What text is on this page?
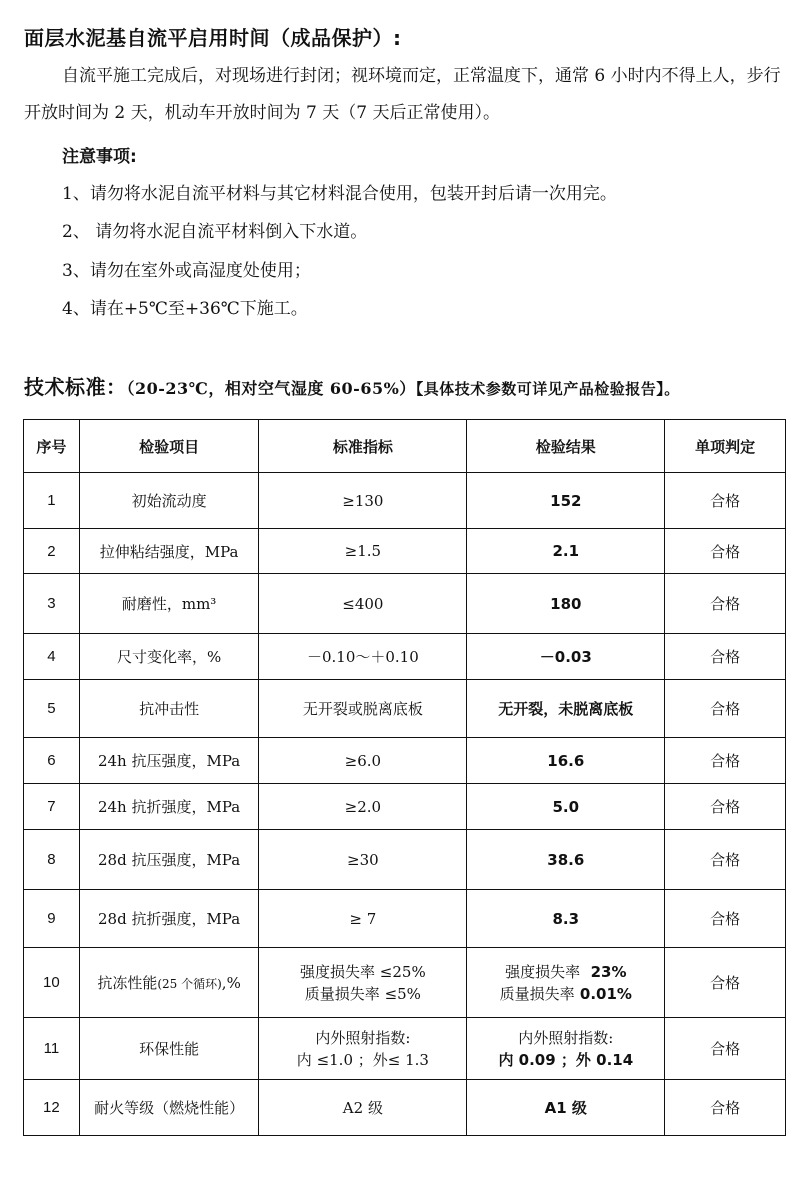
面层水泥基自流平启用时间（成品保护）:

自流平施工完成后，对现场进行封闭；视环境而定，正常温度下，通常 6 小时内不得上人，步行开放时间为 2 天，机动车开放时间为 7 天（7 天后正常使用）。

注意事项:
1、请勿将水泥自流平材料与其它材料混合使用，包装开封后请一次用完。
2、 请勿将水泥自流平材料倒入下水道。
3、请勿在室外或高湿度处使用；
4、请在+5℃至+36℃下施工。
技术标准：（20-23℃，相对空气湿度 60-65%）【具体技术参数可详见产品检验报告】。
序号	检验项目	标准指标	检验结果	单项判定
1	初始流动度	≥130	152	合格
2	拉伸粘结强度，MPa	≥1.5	2.1	合格
3	耐磨性，mm³	≤400	180	合格
4	尺寸变化率，%	－0.10～＋0.10	－0.03	合格
5	抗冲击性	无开裂或脱离底板	无开裂，未脱离底板	合格
6	24h 抗压强度，MPa	≥6.0	16.6	合格
7	24h 抗折强度，MPa	≥2.0	5.0	合格
8	28d 抗压强度，MPa	≥30	38.6	合格
9	28d 抗折强度，MPa	≥ 7	8.3	合格
10	抗冻性能(25 个循环),%	强度损失率 ≤25%
质量损失率 ≤5%	强度损失率 23%
质量损失率 0.01%	合格
11	环保性能	内外照射指数:
内 ≤1.0 ；外≤ 1.3	内外照射指数:
内 0.09 ；外 0.14	合格
12	耐火等级（燃烧性能）	A2 级	A1 级	合格
